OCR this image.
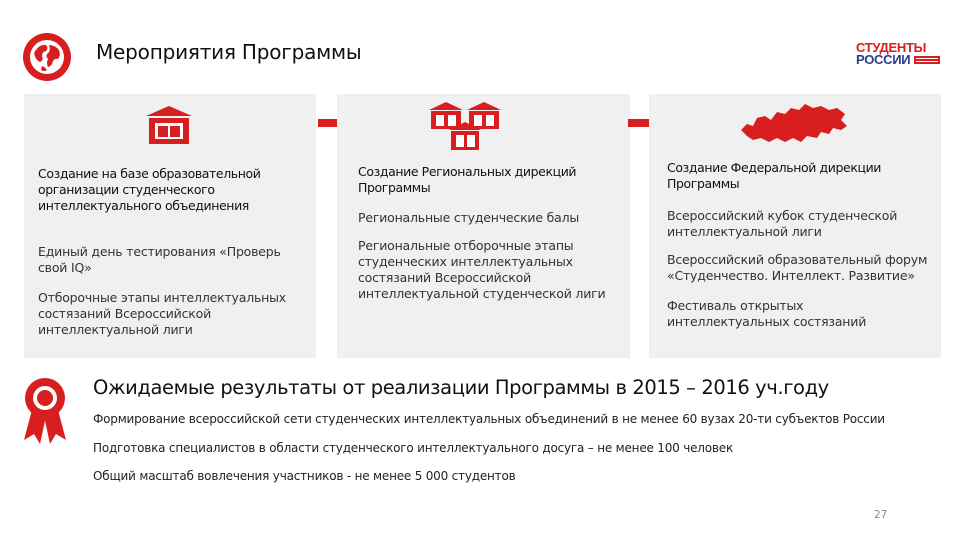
Мероприятия Программы	СТУДЕНТЫ
РОССИИ
Создание на базе образовательной организации студенческого интеллектуального объединения
Единый день тестирования «Проверь свой IQ»
Отборочные этапы интеллектуальных состязаний Всероссийской интеллектуальной лиги
Создание Региональных дирекций Программы
Региональные студенческие балы
Региональные отборочные этапы студенческих интеллектуальных состязаний Всероссийской интеллектуальной студенческой лиги
Создание Федеральной дирекции Программы
Всероссийский кубок студенческой интеллектуальной лиги
Всероссийский образовательный форум «Студенчество. Интеллект. Развитие»
Фестиваль открытых интеллектуальных состязаний
Ожидаемые результаты от реализации Программы в 2015 – 2016 уч.году
Формирование всероссийской сети студенческих интеллектуальных объединений в не менее 60 вузах 20-ти субъектов России
Подготовка специалистов в области студенческого интеллектуального досуга – не менее 100 человек
Общий масштаб вовлечения участников - не менее 5 000 студентов
27
